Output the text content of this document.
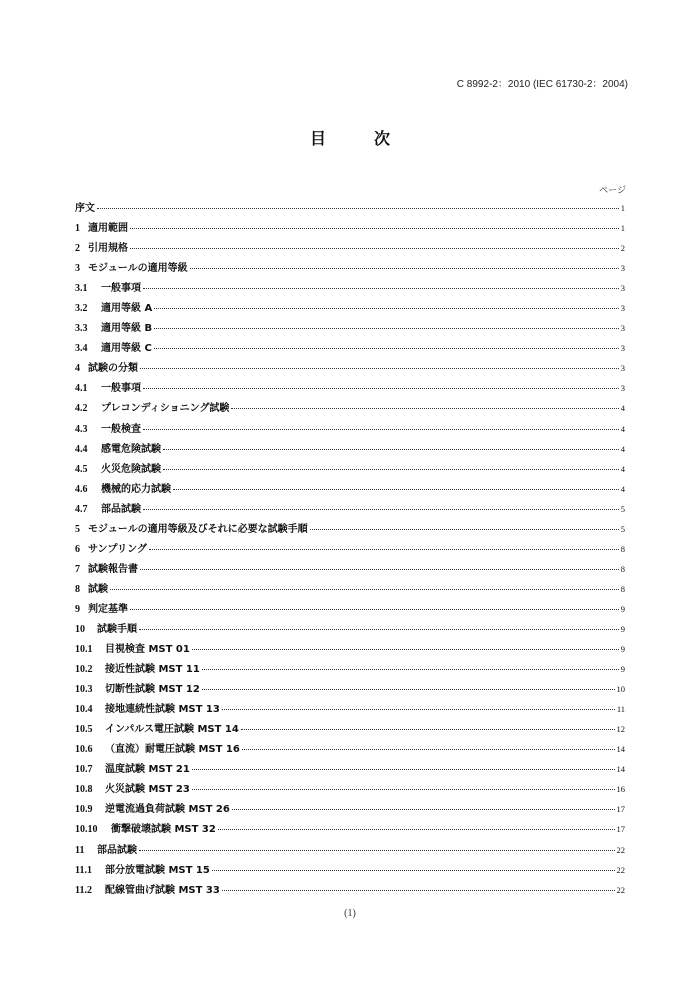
C 8992-2：2010 (IEC 61730-2：2004)
目　次
ページ
序文	1
1 適用範囲	1
2 引用規格	2
3 モジュールの適用等級	3
3.1	一般事項	3
3.2	適用等級 A	3
3.3	適用等級 B	3
3.4	適用等級 C	3
4 試験の分類	3
4.1	一般事項	3
4.2	プレコンディショニング試験	4
4.3	一般検査	4
4.4	感電危険試験	4
4.5	火災危険試験	4
4.6	機械的応力試験	4
4.7	部品試験	5
5 モジュールの適用等級及びそれに必要な試験手順	5
6 サンプリング	8
7 試験報告書	8
8 試験	8
9 判定基準	9
10	試験手順	9
10.1	目視検査 MST 01	9
10.2	接近性試験 MST 11	9
10.3	切断性試験 MST 12	10
10.4	接地連続性試験 MST 13	11
10.5	インパルス電圧試験 MST 14	12
10.6	（直流）耐電圧試験 MST 16	14
10.7	温度試験 MST 21	14
10.8	火災試験 MST 23	16
10.9	逆電流過負荷試験 MST 26	17
10.10	衝撃破壊試験 MST 32	17
11	部品試験	22
11.1	部分放電試験 MST 15	22
11.2	配線管曲げ試験 MST 33	22
(1)
